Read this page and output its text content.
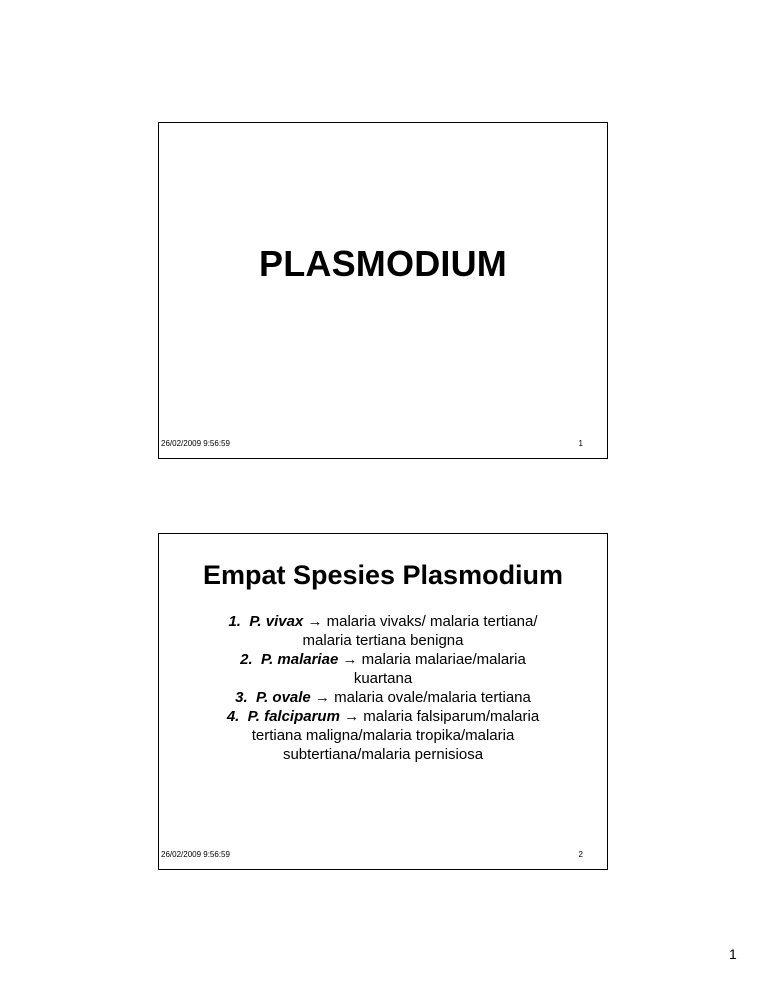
PLASMODIUM
26/02/2009 9:56:59	1
Empat Spesies Plasmodium
1. P. vivax → malaria vivaks/ malaria tertiana/
malaria tertiana benigna
2. P. malariae → malaria malariae/malaria
kuartana
3. P. ovale → malaria ovale/malaria tertiana
4. P. falciparum → malaria falsiparum/malaria
tertiana maligna/malaria tropika/malaria
subtertiana/malaria pernisiosa
26/02/2009 9:56:59	2
1
